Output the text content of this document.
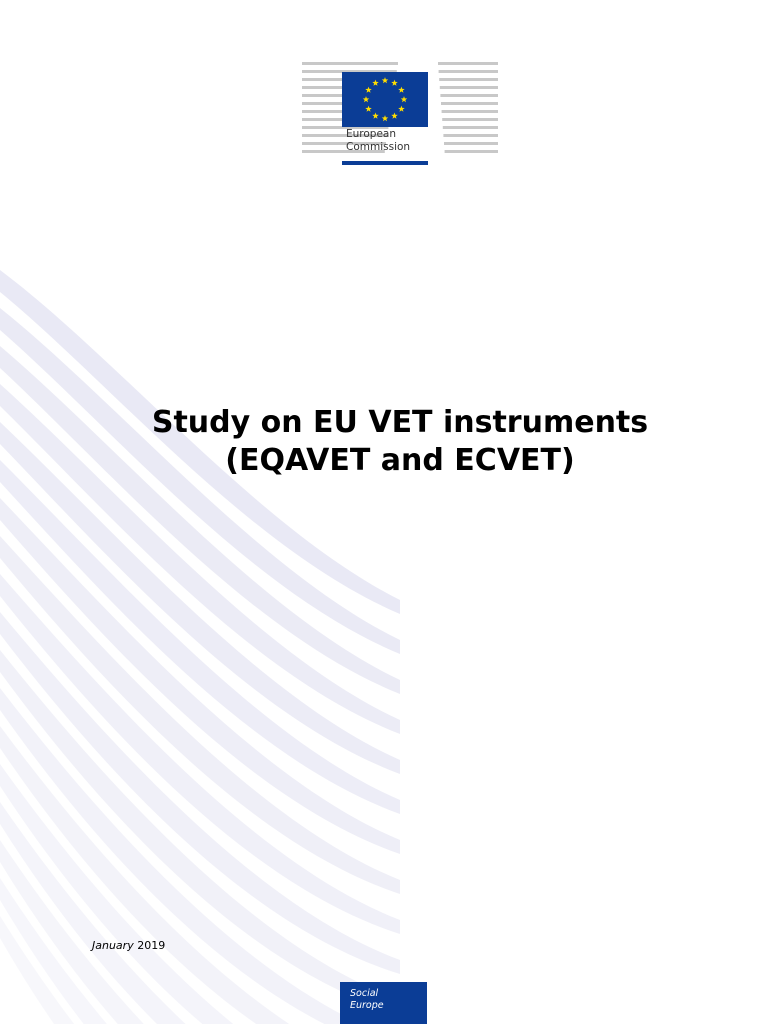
European
Commission
Study on EU VET instruments
(EQAVET and ECVET)
January 2019
Social
Europe
